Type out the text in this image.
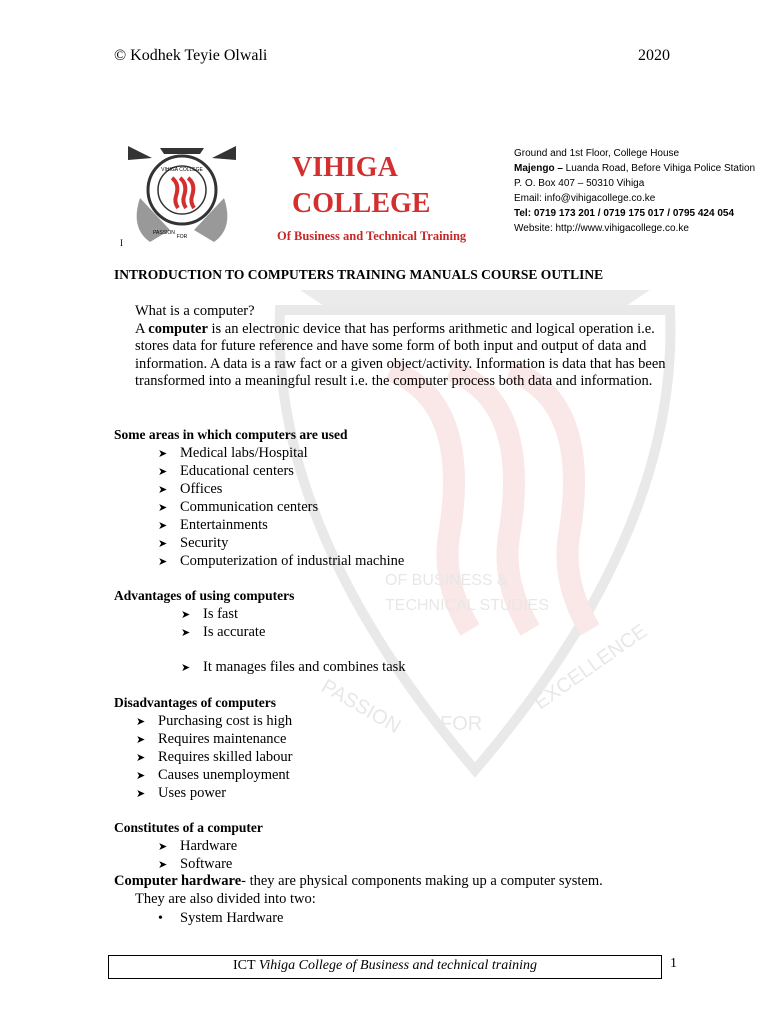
© Kodhek Teyie Olwali	2020
OF BUSINESS &
TECHNICAL STUDIES
PASSION FOR
EXCELLENCE
VIHIGA COLLEGE
PASSION
FOR
I
VIHIGA
COLLEGE
Of Business and Technical Training
Ground and 1st Floor, College House
Majengo – Luanda Road, Before Vihiga Police Station
P. O. Box 407 – 50310 Vihiga
Email: info@vihigacollege.co.ke
Tel: 0719 173 201 / 0719 175 017 / 0795 424 054
Website: http://www.vihigacollege.co.ke
INTRODUCTION TO COMPUTERS TRAINING MANUALS COURSE OUTLINE

What is a computer?

A computer is an electronic device that has performs arithmetic and logical operation i.e. stores data for future reference and have some form of both input and output of data and information. A data is a raw fact or a given object/activity. Information is data that has been transformed into a meaningful result i.e. the computer process both data and information.

Some areas in which computers are used
➤ Medical labs/Hospital
➤ Educational centers
➤ Offices
➤ Communication centers
➤ Entertainments
➤ Security
➤ Computerization of industrial machine
Advantages of using computers
➤ Is fast
➤ Is accurate
➤ It manages files and combines task
Disadvantages of computers
➤ Purchasing cost is high
➤ Requires maintenance
➤ Requires skilled labour
➤ Causes unemployment
➤ Uses power
Constitutes of a computer
➤ Hardware
➤ Software
Computer hardware- they are physical components making up a computer system.
They are also divided into two:
• System Hardware
ICT Vihiga College of Business and technical training	1
